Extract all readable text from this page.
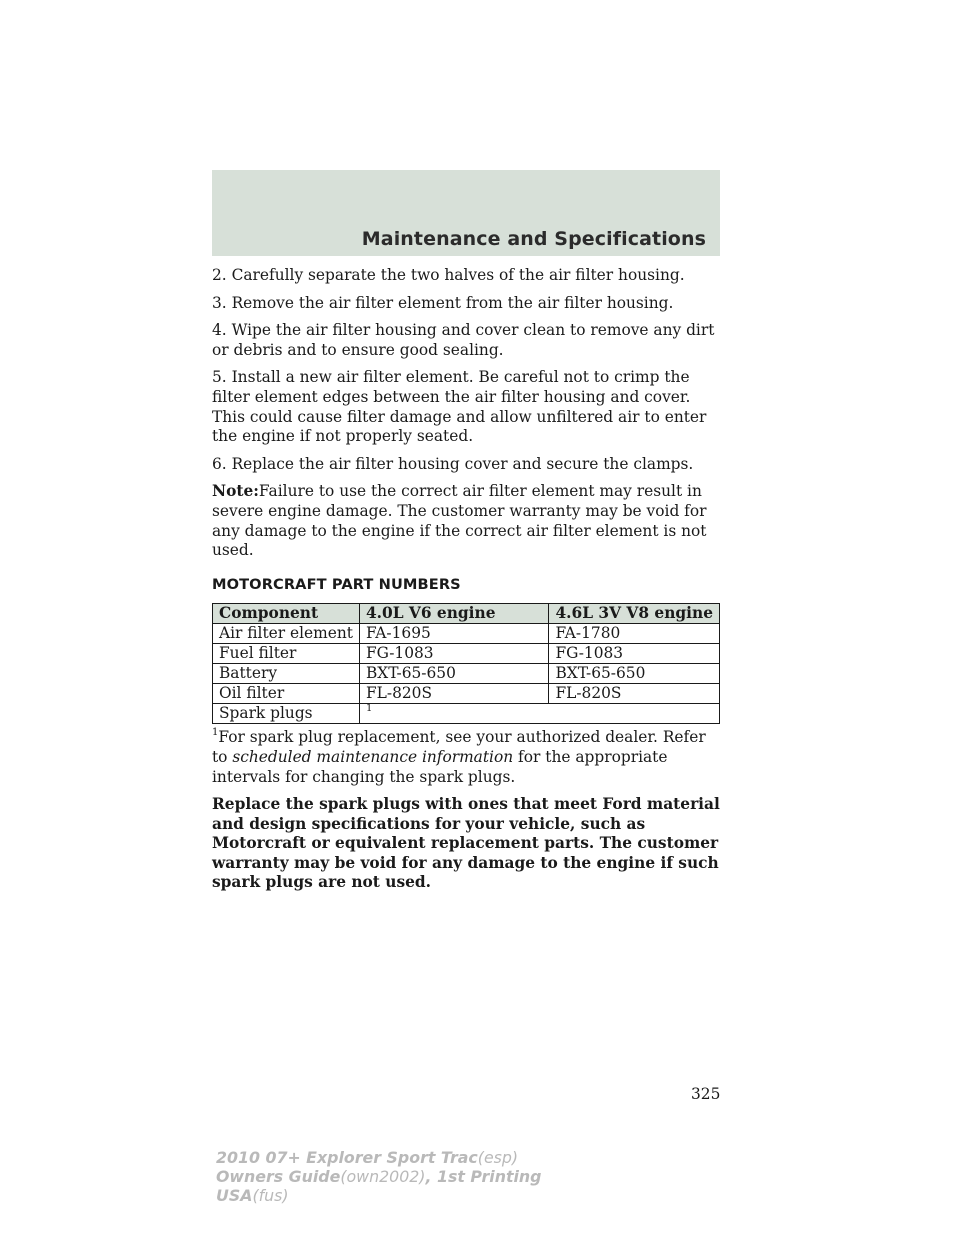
Maintenance and Specifications

2. Carefully separate the two halves of the air filter housing.

3. Remove the air filter element from the air filter housing.

4. Wipe the air filter housing and cover clean to remove any dirt or debris and to ensure good sealing.

5. Install a new air filter element. Be careful not to crimp the filter element edges between the air filter housing and cover. This could cause filter damage and allow unfiltered air to enter the engine if not properly seated.

6. Replace the air filter housing cover and secure the clamps.

Note:Failure to use the correct air filter element may result in severe engine damage. The customer warranty may be void for any damage to the engine if the correct air filter element is not used.

MOTORCRAFT PART NUMBERS
Component	4.0L V6 engine	4.6L 3V V8 engine
Air filter element	FA-1695	FA-1780
Fuel filter	FG-1083	FG-1083
Battery	BXT-65-650	BXT-65-650
Oil filter	FL-820S	FL-820S
Spark plugs	$^1$

$^1$For spark plug replacement, see your authorized dealer. Refer to scheduled maintenance information for the appropriate intervals for changing the spark plugs.

Replace the spark plugs with ones that meet Ford material and design specifications for your vehicle, such as Motorcraft or equivalent replacement parts. The customer warranty may be void for any damage to the engine if such spark plugs are not used.

325
2010 07+ Explorer Sport Trac(esp)
Owners Guide(own2002), 1st Printing
USA(fus)
